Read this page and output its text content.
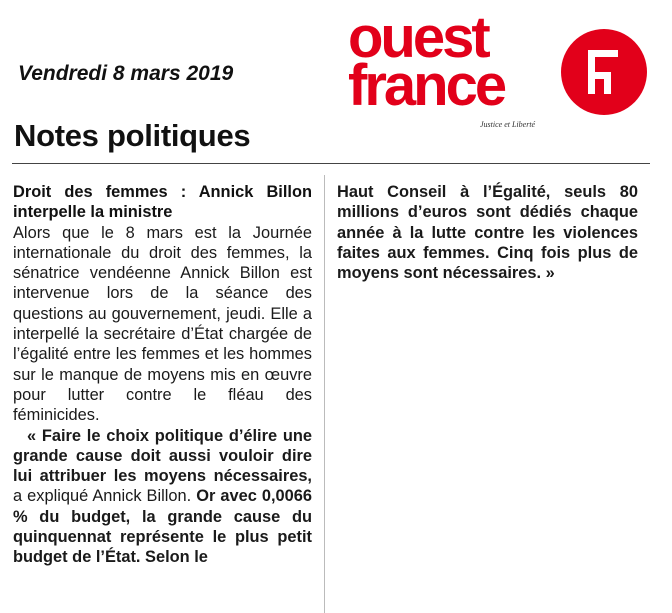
Vendredi 8 mars 2019
ouest
france
Justice et Liberté
Notes politiques

Droit des femmes : Annick Billon interpelle la ministre

Alors que le 8 mars est la Journée internationale du droit des femmes, la sénatrice vendéenne Annick Billon est intervenue lors de la séance des questions au gouvernement, jeudi. Elle a interpellé la secrétaire d’État chargée de l’égalité entre les femmes et les hommes sur le manque de moyens mis en œuvre pour lutter contre le fléau des féminicides.

« Faire le choix politique d’élire une grande cause doit aussi vouloir dire lui attribuer les moyens nécessaires, a expliqué Annick Billon. Or avec 0,0066 % du budget, la grande cause du quinquennat représente le plus petit budget de l’État. Selon le

Haut Conseil à l’Égalité, seuls 80 millions d’euros sont dédiés chaque année à la lutte contre les violences faites aux femmes. Cinq fois plus de moyens sont nécessaires. »
